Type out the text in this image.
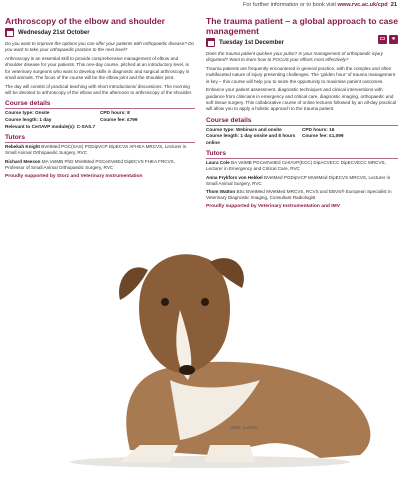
For further information or to book visit www.rvc.ac.uk/cpd 21
Arthroscopy of the elbow and shoulder
Wednesday 21st October

Do you want to improve the options you can offer your patients with orthopaedic disease? Do you want to take your orthopaedic practice to the next level?

Arthroscopy is an essential skill to provide comprehensive management of elbow and shoulder disease for your patients. This one-day course, pitched at an introductory level, is for veterinary surgeons who want to develop skills in diagnostic and surgical arthroscopy in small animals. The focus of the course will be the elbow joint and the shoulder joint.

The day will consist of practical teaching with short introductions/ discussions. The morning will be devoted to arthroscopy of the elbow and the afternoon to arthroscopy of the shoulder.

Course details
Course type: Onsite	CPD hours: 8
Course length: 1 day	Course fee: £799
Relevant to CertAVP module(s): C-SAS.7
Tutors

Rebekah Knight BVetMed PGC(SAS) PGDipVCP DipECVS AFHEA MRCVS, Lecturer in Small Animal Orthopaedic Surgery, RVC

Richard Meeson MA VetMB PhD MVetMed PGCertVetEd DipECVS FHEA FRCVS, Professor of Small Animal Orthopaedic Surgery, RVC

Proudly supported by Storz and Veterinary Instrumentation
The trauma patient – a global approach to case management
Tuesday 1st December
▭	●

Does the trauma patient quicken your pulse? Is your management of orthopaedic injury disjointed? Want to learn how to FOCUS your efforts most effectively?

Trauma patients are frequently encountered in general practice, with the complex and often multifaceted nature of injury presenting challenges. The ‘golden hour’ of trauma management is key – this course will help you to seize the opportunity to maximise patient outcomes.

Enhance your patient assessment, diagnostic techniques and clinical interventions with guidance from clinicians in emergency and critical care, diagnostic imaging, orthopaedic and soft tissue surgery. This collaborative course of online lectures followed by an all-day practical will allow you to apply a holistic approach to the trauma patient.

Course details
Course type: Webinars and onsite	CPD hours: 16
Course length: 1 day onsite and 8 hours online
Course fee: £1,099
Tutors

Laura Cole BA VetMB PGCertVetEd CertAVP(ECC) DipACVECC DipECVECC MRCVS, Lecturer in Emergency and Critical Care, RVC

Anna Frykfors von Hekkel BVetMed PGDipVCP MVetMed DipECVS MRCVS, Lecturer in Small Animal Surgery, RVC

Thom Watton BSc BVetMed MVetMed MRCVS, RCVS and EBVS® European Specialist in Veterinary Diagnostic Imaging, Consultant Radiologist

Proudly supported by Veterinary Instrumentation and IMV
Olive, Lurcher
